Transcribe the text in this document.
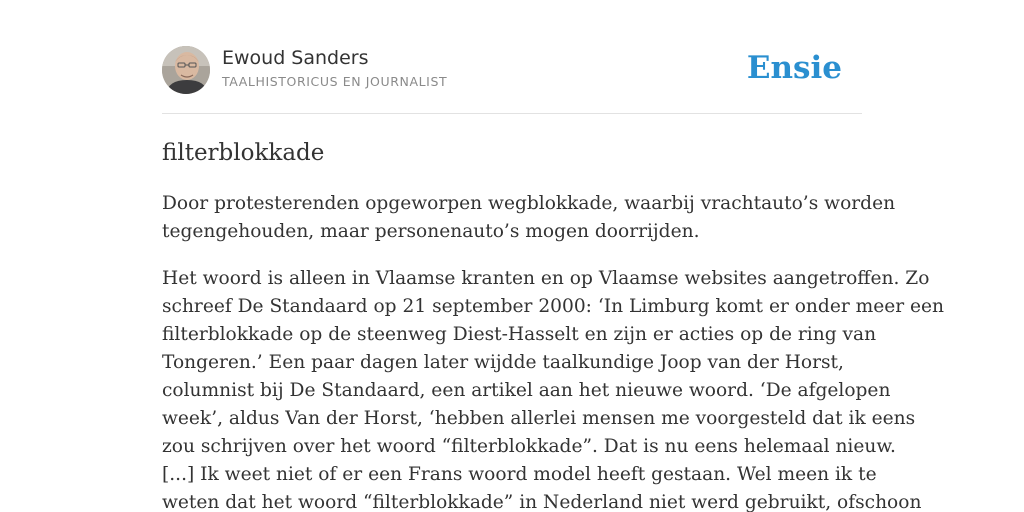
Ewoud Sanders
TAALHISTORICUS EN JOURNALIST	Ensie
filterblokkade

Door protesterenden opgeworpen wegblokkade, waarbij vrachtauto’s worden
tegengehouden, maar personenauto’s mogen doorrijden.

Het woord is alleen in Vlaamse kranten en op Vlaamse websites aangetroffen. Zo
schreef De Standaard op 21 september 2000: ‘In Limburg komt er onder meer een
filterblokkade op de steenweg Diest-Hasselt en zijn er acties op de ring van
Tongeren.’ Een paar dagen later wijdde taalkundige Joop van der Horst,
columnist bij De Standaard, een artikel aan het nieuwe woord. ‘De afgelopen
week’, aldus Van der Horst, ‘hebben allerlei mensen me voorgesteld dat ik eens
zou schrijven over het woord “filterblokkade”. Dat is nu eens helemaal nieuw.
[...] Ik weet niet of er een Frans woord model heeft gestaan. Wel meen ik te
weten dat het woord “filterblokkade” in Nederland niet werd gebruikt, ofschoon
